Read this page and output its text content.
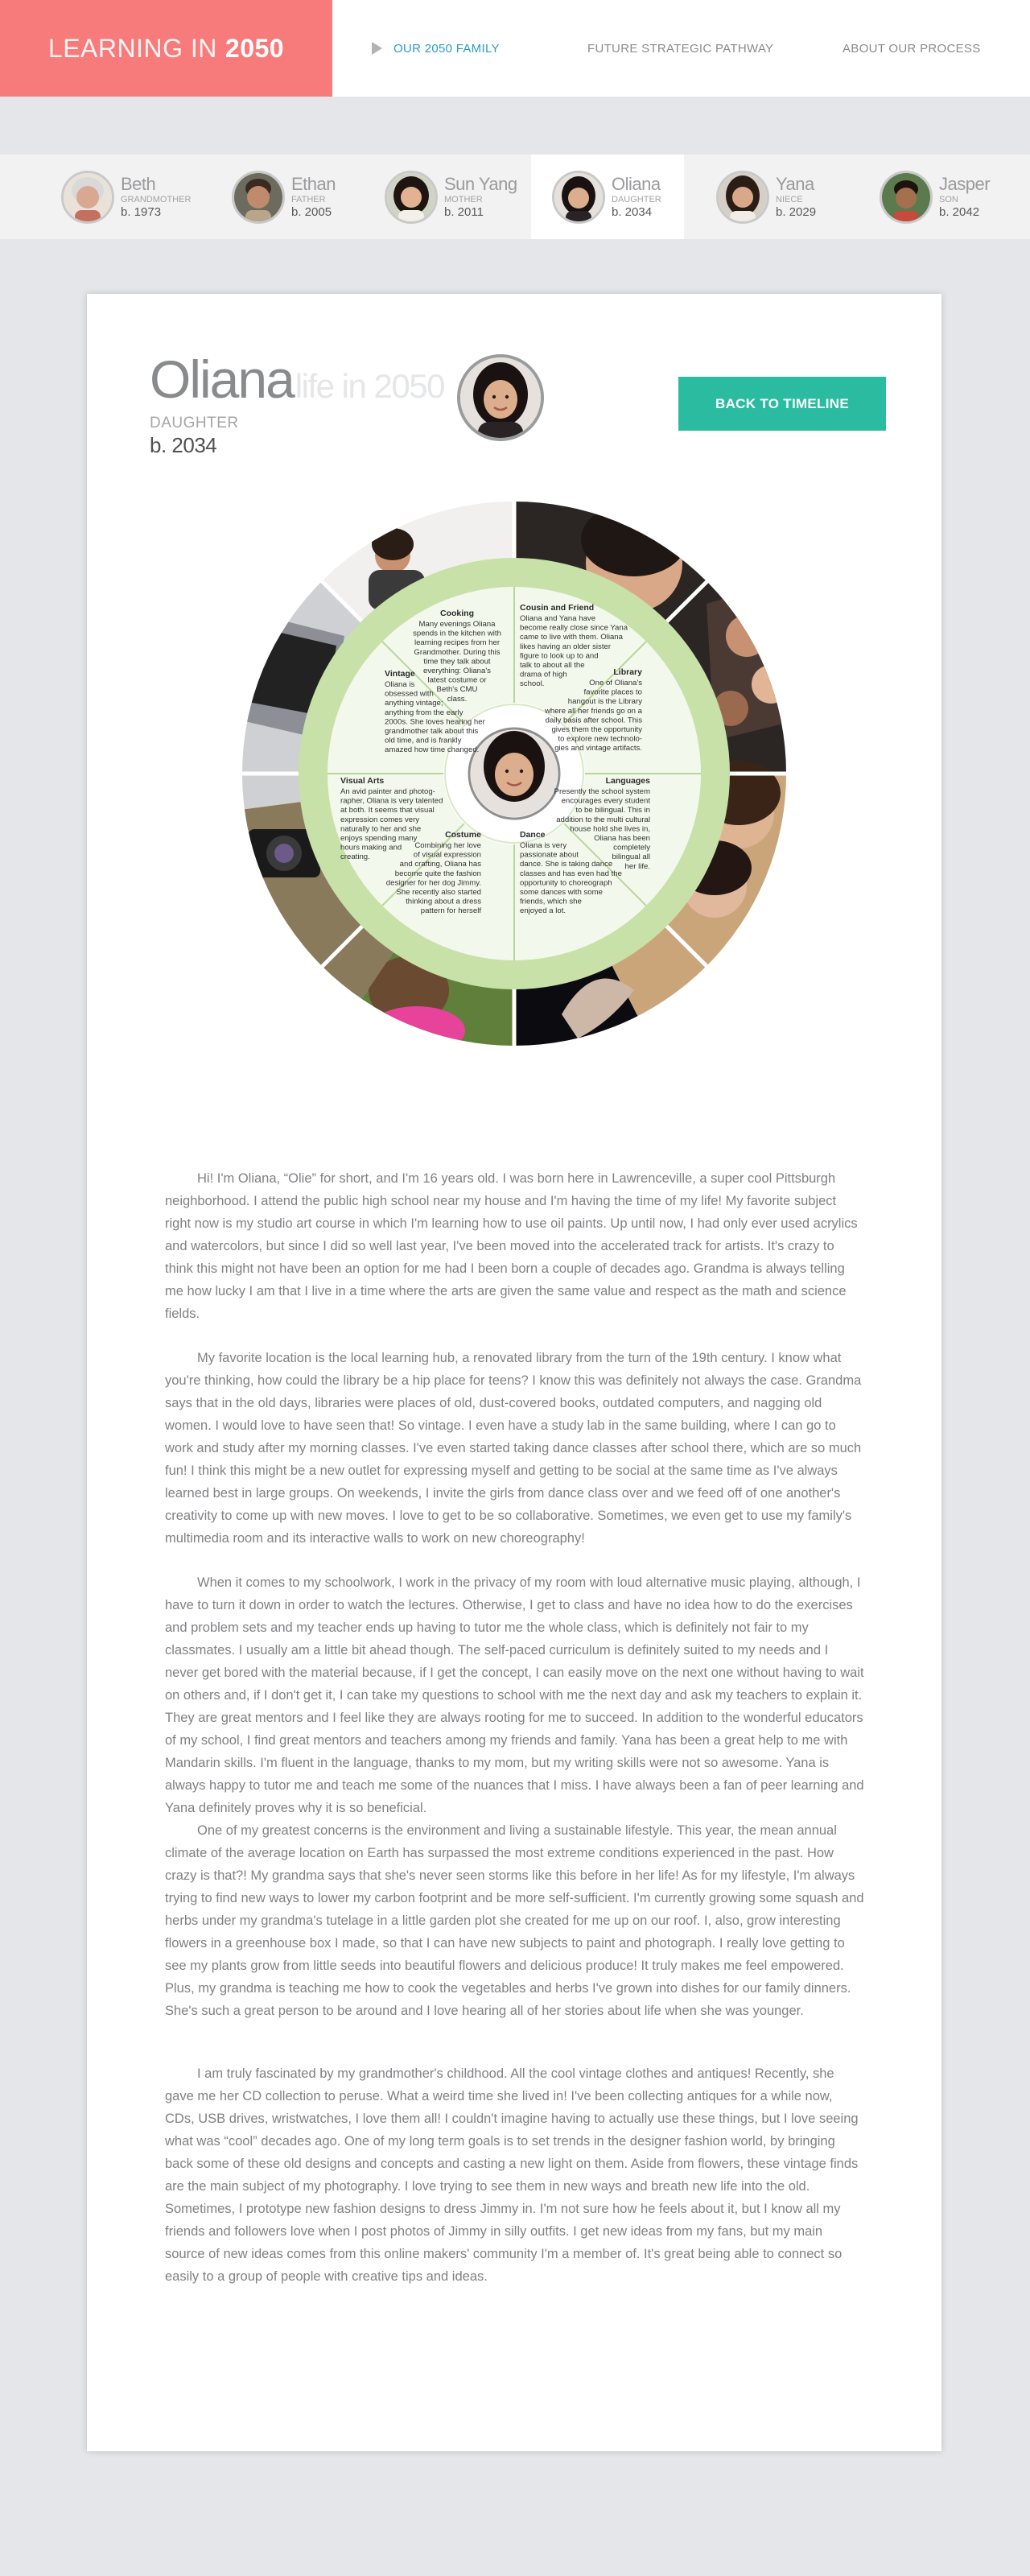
LEARNING IN 2050	OUR 2050 FAMILY	FUTURE STRATEGIC PATHWAY	ABOUT OUR PROCESS
Beth
GRANDMOTHER
b. 1973
Ethan
FATHER
b. 2005
Sun Yang
MOTHER
b. 2011
Oliana
DAUGHTER
b. 2034
Yana
NIECE
b. 2029
Jasper
SON
b. 2042
Olianalife in 2050
DAUGHTER
b. 2034
BACK TO TIMELINE
Cooking
Many evenings Oliana
spends in the kitchen with
learning recipes from her
Grandmother. During this
time they talk about
everything: Oliana's
latest costume or
Beth's CMU
class.
Cousin and Friend
Oliana and Yana have
become really close since Yana
came to live with them. Oliana
likes having an older sister
figure to look up to and
talk to about all the
drama of high
school.
Library
One of Oliana's
favorite places to
hangout is the Library
where all her friends go on a
daily basis after school. This
gives them the opportunity
to explore new technolo-
gies and vintage artifacts.
Languages
Presently the school system
encourages every student
to be bilingual. This in
addition to the multi cultural
house hold she lives in,
Oliana has been
completely
bilingual all
her life.
Dance
Oliana is very
passionate about
dance. She is taking dance
classes and has even had the
opportunity to choreograph
some dances with some
friends, which she
enjoyed a lot.
Costume
Combining her love
of visual expression
and crafting, Oliana has
become quite the fashion
designer for her dog Jimmy.
She recently also started
thinking about a dress
pattern for herself
Visual Arts
An avid painter and photog-
rapher, Oliana is very talented
at both. It seems that visual
expression comes very
naturally to her and she
enjoys spending many
hours making and
creating.
Vintage
Oliana is
obsessed with
anything vintage;
anything from the early
2000s. She loves hearing her
grandmother talk about this
old time, and is frankly
amazed how time changed.

Hi! I'm Oliana, “Olie” for short, and I'm 16 years old. I was born here in Lawrenceville, a super cool Pittsburgh neighborhood. I attend the public high school near my house and I'm having the time of my life! My favorite subject right now is my studio art course in which I'm learning how to use oil paints. Up until now, I had only ever used acrylics and watercolors, but since I did so well last year, I've been moved into the accelerated track for artists. It's crazy to think this might not have been an option for me had I been born a couple of decades ago. Grandma is always telling me how lucky I am that I live in a time where the arts are given the same value and respect as the math and science fields.

My favorite location is the local learning hub, a renovated library from the turn of the 19th century. I know what you're thinking, how could the library be a hip place for teens? I know this was definitely not always the case. Grandma says that in the old days, libraries were places of old, dust-covered books, outdated computers, and nagging old women. I would love to have seen that! So vintage. I even have a study lab in the same building, where I can go to work and study after my morning classes. I've even started taking dance classes after school there, which are so much fun! I think this might be a new outlet for expressing myself and getting to be social at the same time as I've always learned best in large groups. On weekends, I invite the girls from dance class over and we feed off of one another's creativity to come up with new moves. I love to get to be so collaborative. Sometimes, we even get to use my family's multimedia room and its interactive walls to work on new choreography!

When it comes to my schoolwork, I work in the privacy of my room with loud alternative music playing, although, I have to turn it down in order to watch the lectures. Otherwise, I get to class and have no idea how to do the exercises and problem sets and my teacher ends up having to tutor me the whole class, which is definitely not fair to my classmates. I usually am a little bit ahead though. The self-paced curriculum is definitely suited to my needs and I never get bored with the material because, if I get the concept, I can easily move on the next one without having to wait on others and, if I don't get it, I can take my questions to school with me the next day and ask my teachers to explain it. They are great mentors and I feel like they are always rooting for me to succeed. In addition to the wonderful educators of my school, I find great mentors and teachers among my friends and family. Yana has been a great help to me with Mandarin skills. I'm fluent in the language, thanks to my mom, but my writing skills were not so awesome. Yana is always happy to tutor me and teach me some of the nuances that I miss. I have always been a fan of peer learning and Yana definitely proves why it is so beneficial.

One of my greatest concerns is the environment and living a sustainable lifestyle. This year, the mean annual climate of the average location on Earth has surpassed the most extreme conditions experienced in the past. How crazy is that?! My grandma says that she's never seen storms like this before in her life! As for my lifestyle, I'm always trying to find new ways to lower my carbon footprint and be more self-sufficient. I'm currently growing some squash and herbs under my grandma's tutelage in a little garden plot she created for me up on our roof. I, also, grow interesting flowers in a greenhouse box I made, so that I can have new subjects to paint and photograph. I really love getting to see my plants grow from little seeds into beautiful flowers and delicious produce! It truly makes me feel empowered. Plus, my grandma is teaching me how to cook the vegetables and herbs I've grown into dishes for our family dinners. She's such a great person to be around and I love hearing all of her stories about life when she was younger.

I am truly fascinated by my grandmother's childhood. All the cool vintage clothes and antiques! Recently, she gave me her CD collection to peruse. What a weird time she lived in! I've been collecting antiques for a while now, CDs, USB drives, wristwatches, I love them all! I couldn't imagine having to actually use these things, but I love seeing what was “cool” decades ago. One of my long term goals is to set trends in the designer fashion world, by bringing back some of these old designs and concepts and casting a new light on them. Aside from flowers, these vintage finds are the main subject of my photography. I love trying to see them in new ways and breath new life into the old. Sometimes, I prototype new fashion designs to dress Jimmy in. I'm not sure how he feels about it, but I know all my friends and followers love when I post photos of Jimmy in silly outfits. I get new ideas from my fans, but my main source of new ideas comes from this online makers' community I'm a member of. It's great being able to connect so easily to a group of people with creative tips and ideas.
